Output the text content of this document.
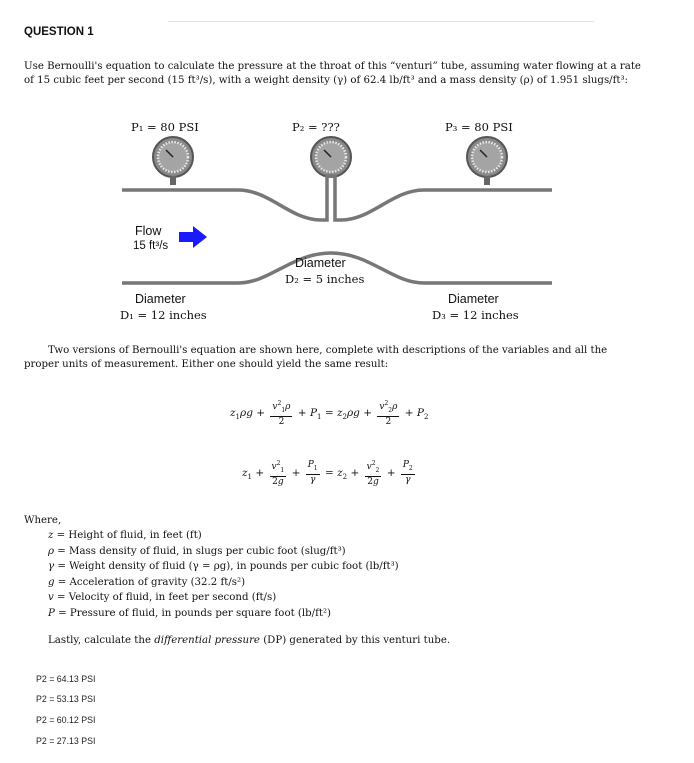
QUESTION 1
Use Bernoulli's equation to calculate the pressure at the throat of this “venturi” tube, assuming water flowing at a rate of 15 cubic feet per second (15 ft³/s), with a weight density (γ) of 62.4 lb/ft³ and a mass density (ρ) of 1.951 slugs/ft³:
P₁ = 80 PSI	P₂ = ???	P₃ = 80 PSI
Flow
15 ft³/s
Diameter
D₂ = 5 inches
Diameter
D₁ = 12 inches
Diameter
D₃ = 12 inches
Two versions of Bernoulli's equation are shown here, complete with descriptions of the variables and all the proper units of measurement. Either one should yield the same result:
$z_1\rho g + \frac{v^2_1\rho}{2} + P_1 = z_2\rho g + \frac{v^2_2\rho}{2} + P_2$
$z_1 + \frac{v^2_1}{2g} + \frac{P_1}{\gamma} = z_2 + \frac{v^2_2}{2g} + \frac{P_2}{\gamma}$
Where,
z = Height of fluid, in feet (ft)
ρ = Mass density of fluid, in slugs per cubic foot (slug/ft³)
γ = Weight density of fluid (γ = ρg), in pounds per cubic foot (lb/ft³)
g = Acceleration of gravity (32.2 ft/s²)
v = Velocity of fluid, in feet per second (ft/s)
P = Pressure of fluid, in pounds per square foot (lb/ft²)
Lastly, calculate the differential pressure (DP) generated by this venturi tube.
P2 = 64.13 PSI
P2 = 53.13 PSI
P2 = 60.12 PSI
P2 = 27.13 PSI
